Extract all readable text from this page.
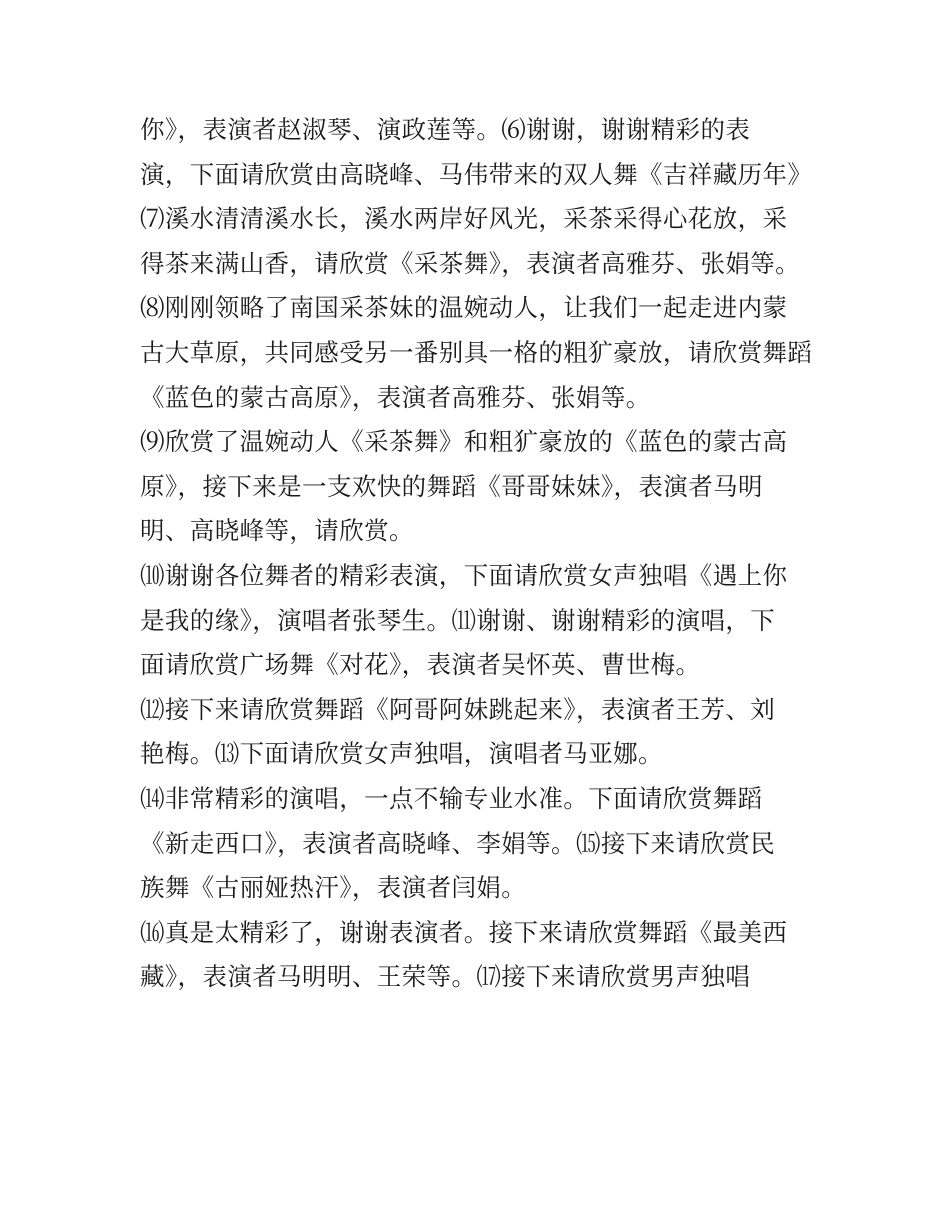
你》，表演者赵淑琴、演政莲等。⑹谢谢，谢谢精彩的表
演，下面请欣赏由高晓峰、马伟带来的双人舞《吉祥藏历年》
⑺溪水清清溪水长，溪水两岸好风光，采茶采得心花放，采
得茶来满山香，请欣赏《采茶舞》，表演者高雅芬、张娟等。
⑻刚刚领略了南国采茶妹的温婉动人，让我们一起走进内蒙
古大草原，共同感受另一番别具一格的粗犷豪放，请欣赏舞蹈
《蓝色的蒙古高原》，表演者高雅芬、张娟等。
⑼欣赏了温婉动人《采茶舞》和粗犷豪放的《蓝色的蒙古高
原》，接下来是一支欢快的舞蹈《哥哥妹妹》，表演者马明
明、高晓峰等，请欣赏。
⑽谢谢各位舞者的精彩表演，下面请欣赏女声独唱《遇上你
是我的缘》，演唱者张琴生。⑾谢谢、谢谢精彩的演唱，下
面请欣赏广场舞《对花》，表演者吴怀英、曹世梅。
⑿接下来请欣赏舞蹈《阿哥阿妹跳起来》，表演者王芳、刘
艳梅。⒀下面请欣赏女声独唱，演唱者马亚娜。
⒁非常精彩的演唱，一点不输专业水准。下面请欣赏舞蹈
《新走西口》，表演者高晓峰、李娟等。⒂接下来请欣赏民
族舞《古丽娅热汗》，表演者闫娟。
⒃真是太精彩了，谢谢表演者。接下来请欣赏舞蹈《最美西
藏》，表演者马明明、王荣等。⒄接下来请欣赏男声独唱
